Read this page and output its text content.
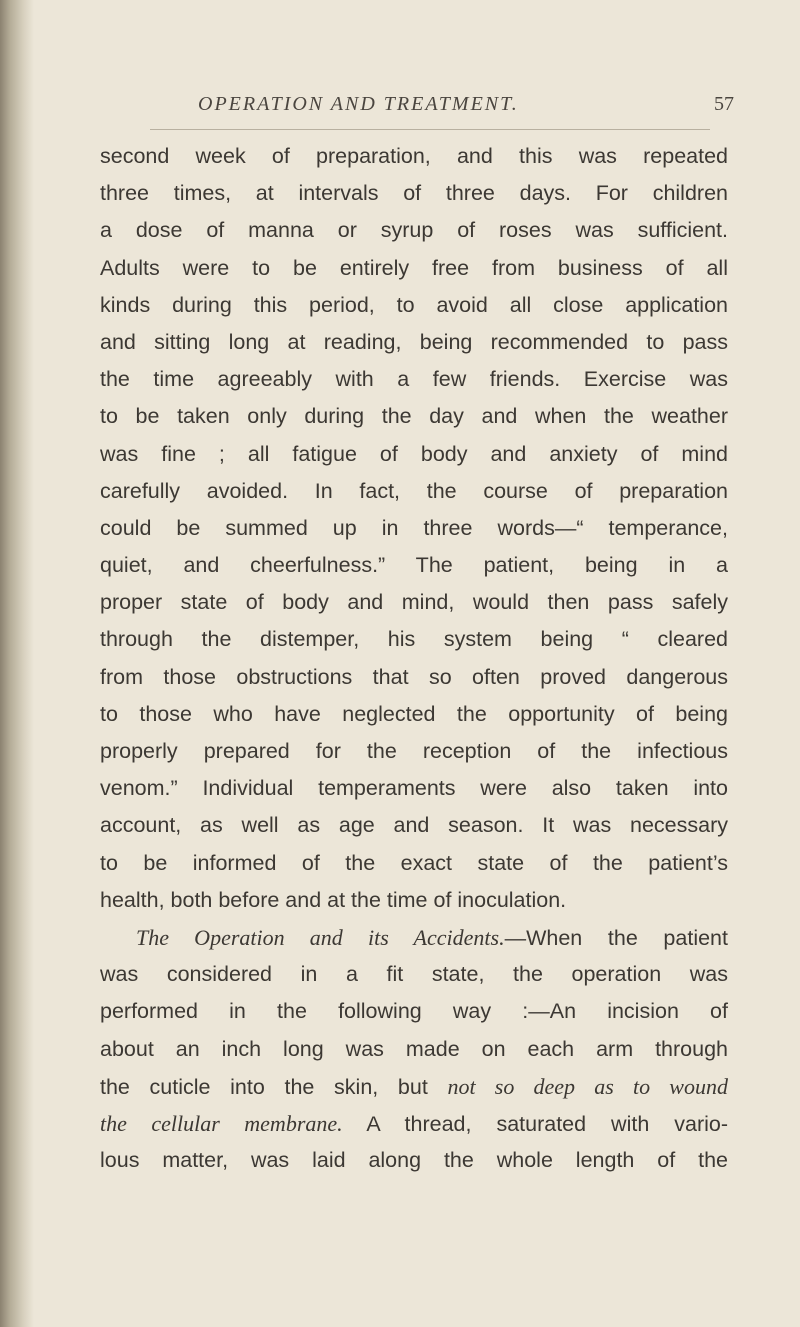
OPERATION AND TREATMENT.	57
second week of preparation, and this was repeated
three times, at intervals of three days. For children
a dose of manna or syrup of roses was sufficient.
Adults were to be entirely free from business of all
kinds during this period, to avoid all close application
and sitting long at reading, being recommended to pass
the time agreeably with a few friends. Exercise was
to be taken only during the day and when the weather
was fine ; all fatigue of body and anxiety of mind
carefully avoided. In fact, the course of preparation
could be summed up in three words—“ temperance,
quiet, and cheerfulness.” The patient, being in a
proper state of body and mind, would then pass safely
through the distemper, his system being “ cleared
from those obstructions that so often proved dangerous
to those who have neglected the opportunity of being
properly prepared for the reception of the infectious
venom.” Individual temperaments were also taken into
account, as well as age and season. It was necessary
to be informed of the exact state of the patient’s
health, both before and at the time of inoculation.
The Operation and its Accidents.—When the patient
was considered in a fit state, the operation was
performed in the following way :—An incision of
about an inch long was made on each arm through
the cuticle into the skin, but not so deep as to wound
the cellular membrane. A thread, saturated with vario-
lous matter, was laid along the whole length of the
